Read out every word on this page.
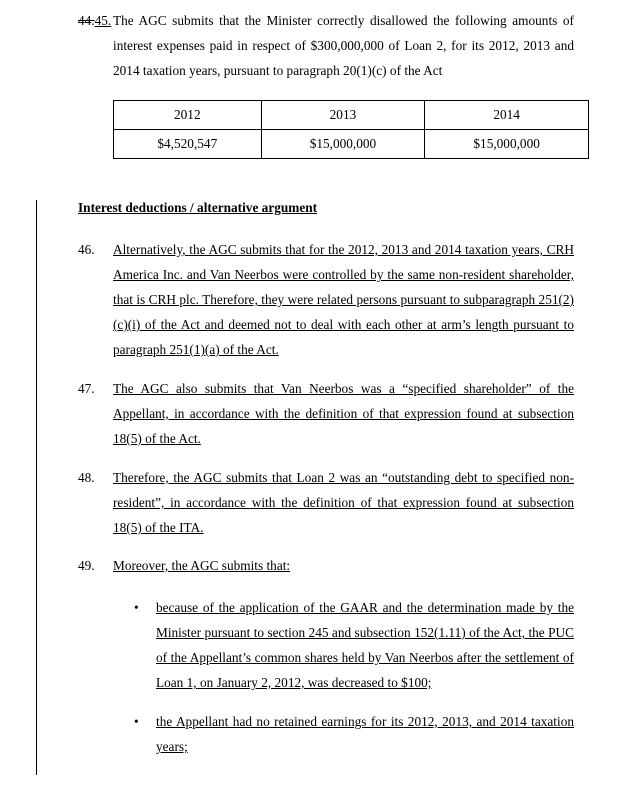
44.45. The AGC submits that the Minister correctly disallowed the following amounts of interest expenses paid in respect of $300,000,000 of Loan 2, for its 2012, 2013 and 2014 taxation years, pursuant to paragraph 20(1)(c) of the Act
2012	2013	2014
$4,520,547	$15,000,000	$15,000,000
Interest deductions / alternative argument
46. Alternatively, the AGC submits that for the 2012, 2013 and 2014 taxation years, CRH America Inc. and Van Neerbos were controlled by the same non-resident shareholder, that is CRH plc. Therefore, they were related persons pursuant to subparagraph 251(2)(c)(i) of the Act and deemed not to deal with each other at arm’s length pursuant to paragraph 251(1)(a) of the Act.
47. The AGC also submits that Van Neerbos was a “specified shareholder” of the Appellant, in accordance with the definition of that expression found at subsection 18(5) of the Act.
48. Therefore, the AGC submits that Loan 2 was an “outstanding debt to specified non-resident”, in accordance with the definition of that expression found at subsection 18(5) of the ITA.
49. Moreover, the AGC submits that:
• because of the application of the GAAR and the determination made by the Minister pursuant to section 245 and subsection 152(1.11) of the Act, the PUC of the Appellant’s common shares held by Van Neerbos after the settlement of Loan 1, on January 2, 2012, was decreased to $100;
• the Appellant had no retained earnings for its 2012, 2013, and 2014 taxation years;
